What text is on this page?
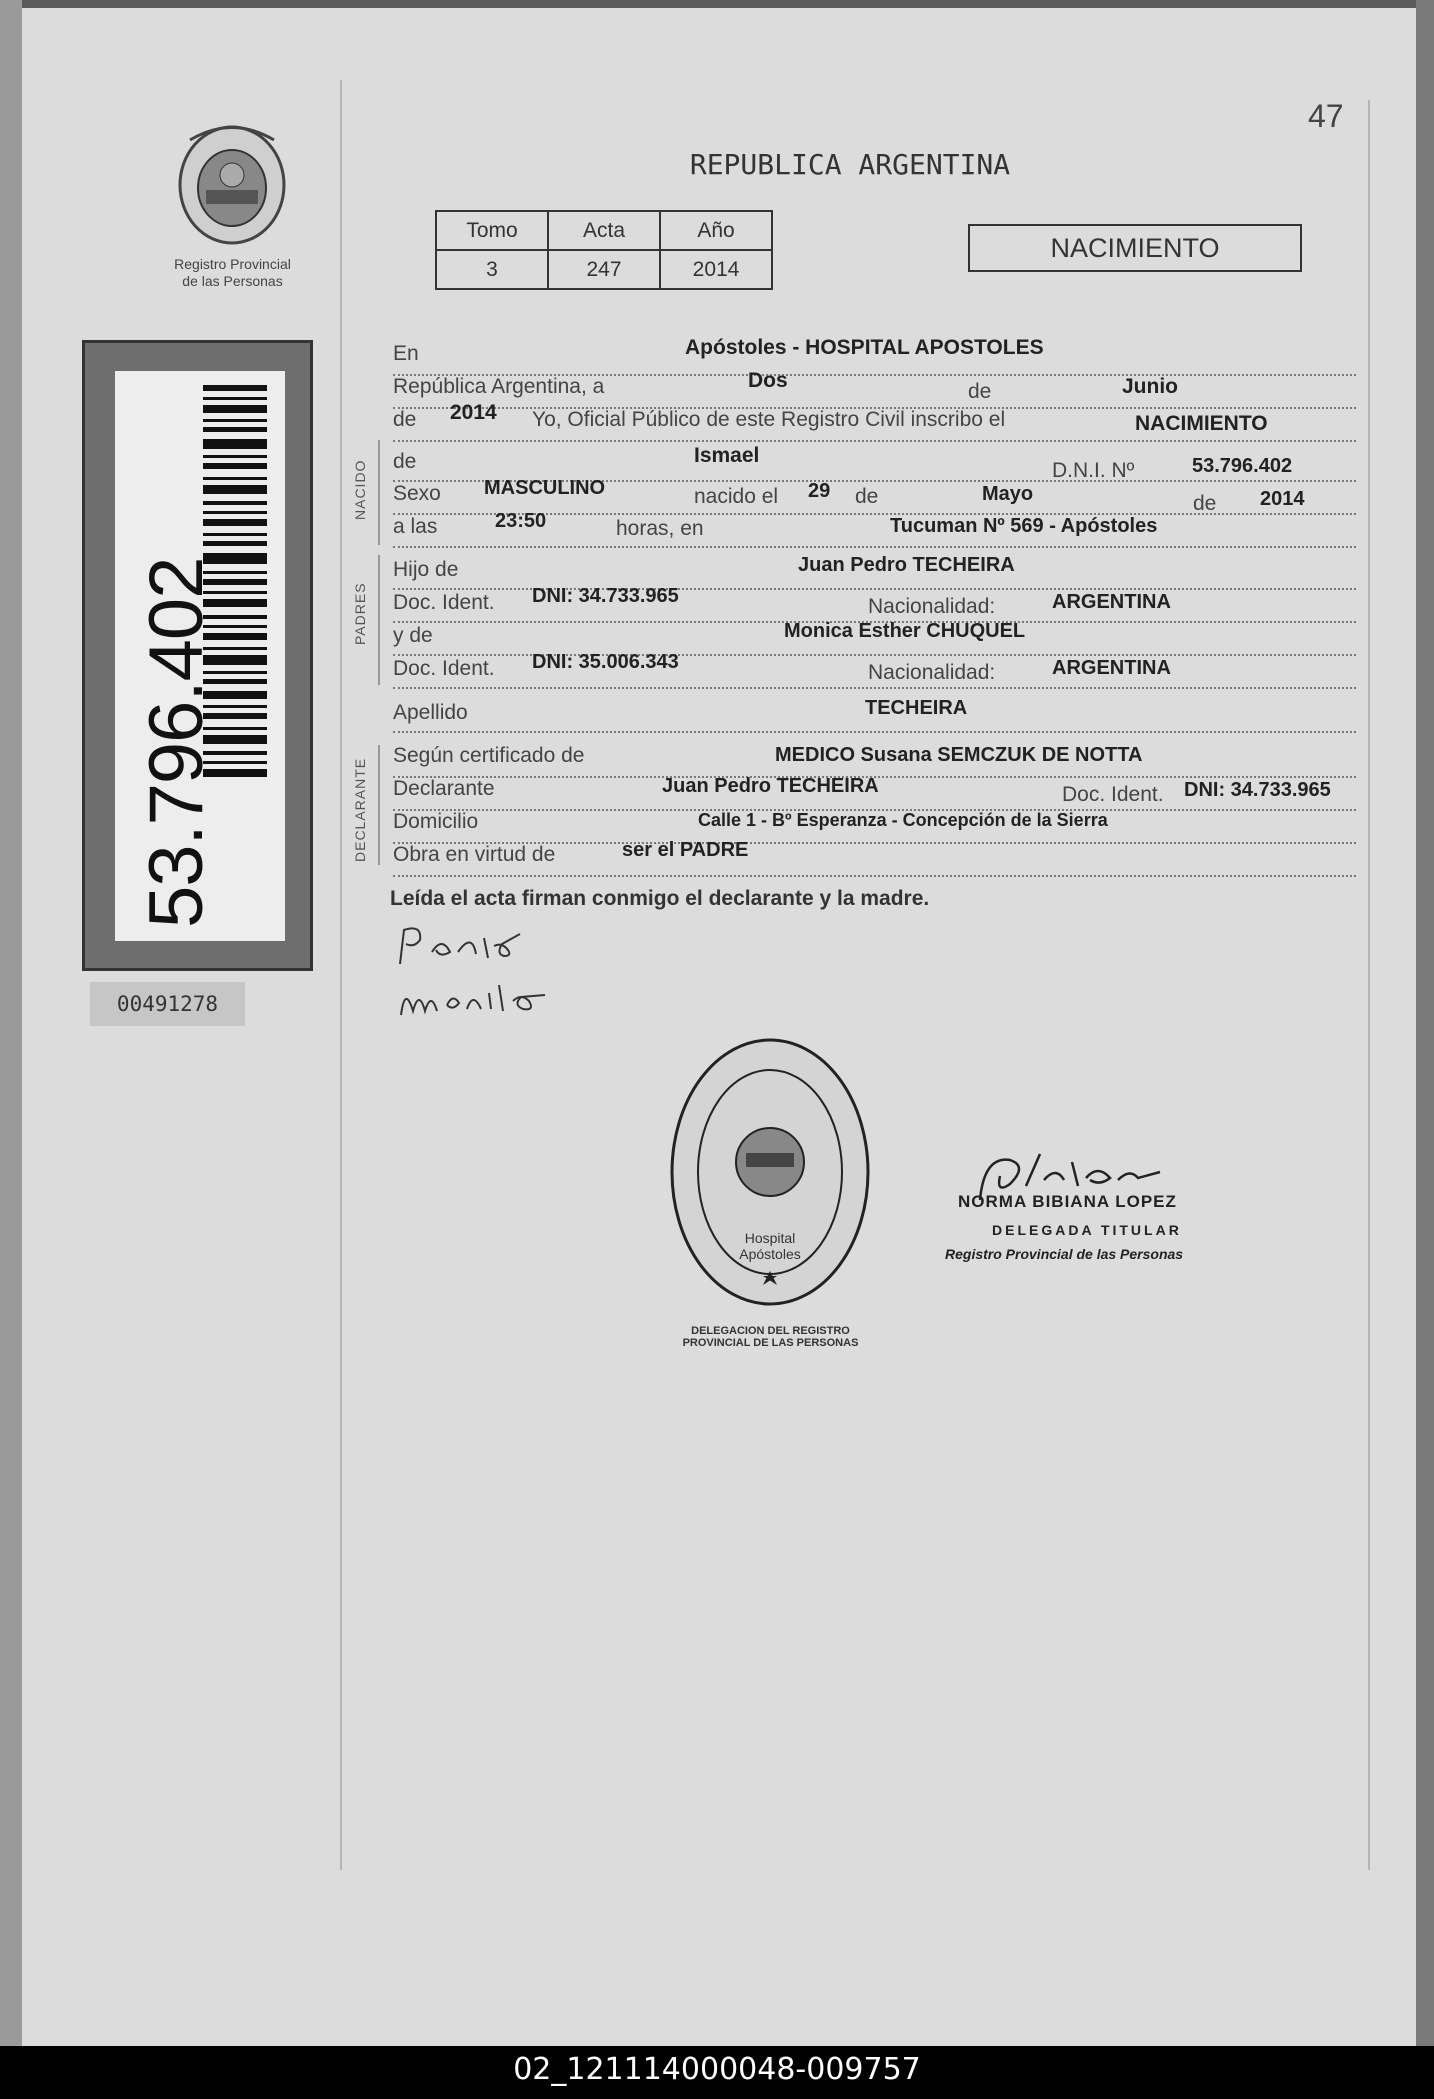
Registro Provincial
de las Personas
53.796.402
00491278
47
REPUBLICA ARGENTINA
Tomo	Acta	Año
3	247	2014
NACIMIENTO
NACIDO
PADRES
DECLARANTE
En	Apóstoles - HOSPITAL APOSTOLES
República Argentina, a	Dos	de	Junio
de 2014 Yo, Oficial Público de este Registro Civil inscribo el	NACIMIENTO
de	Ismael
D.N.I. Nº	53.796.402
Sexo MASCULINO	nacido el 29 de	Mayo	de 2014
a las	23:50	horas, en	Tucuman Nº 569 - Apóstoles
Hijo de	Juan Pedro TECHEIRA
Doc. Ident. DNI: 34.733.965	Nacionalidad:	ARGENTINA
y de	Monica Esther CHUQUEL
Doc. Ident. DNI: 35.006.343	Nacionalidad:	ARGENTINA
Apellido	TECHEIRA
Según certificado de	MEDICO Susana SEMCZUK DE NOTTA
Declarante	Juan Pedro TECHEIRA	Doc. Ident. DNI: 34.733.965
Domicilio	Calle 1 - Bº Esperanza - Concepción de la Sierra
Obra en virtud de	ser el PADRE
Leída el acta firman conmigo el declarante y la madre.
DELEGACION DEL REGISTRO PROVINCIAL DE LAS PERSONAS
Hospital Apóstoles
NORMA BIBIANA LOPEZ
DELEGADA TITULAR
Registro Provincial de las Personas
02_121114000048-009757
